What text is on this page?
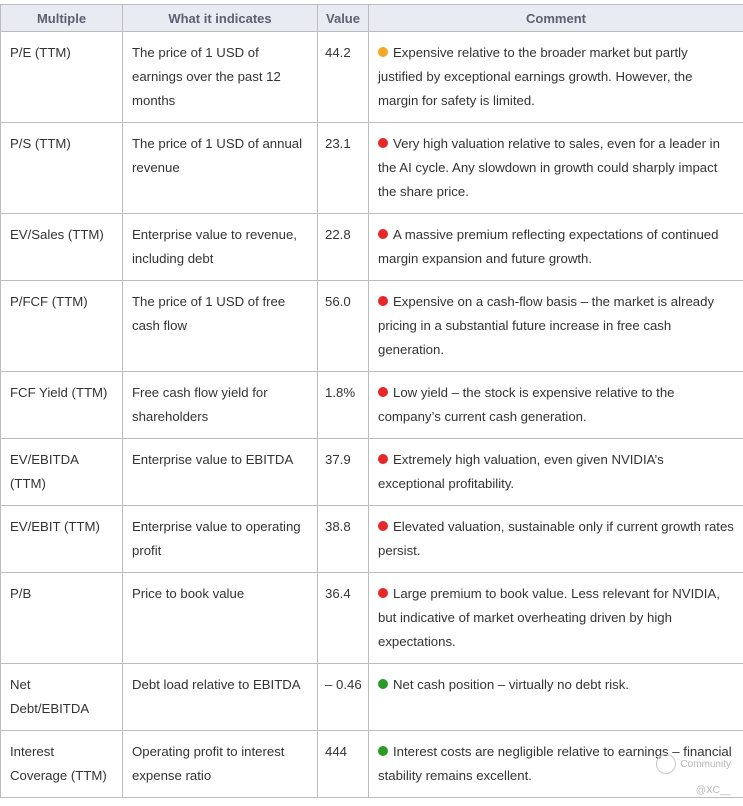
Multiple	What it indicates	Value	Comment
P/E (TTM)	The price of 1 USD of earnings over the past 12 months	44.2	Expensive relative to the broader market but partly justified by exceptional earnings growth. However, the margin for safety is limited.
P/S (TTM)	The price of 1 USD of annual revenue	23.1	Very high valuation relative to sales, even for a leader in the AI cycle. Any slowdown in growth could sharply impact the share price.
EV/Sales (TTM)	Enterprise value to revenue, including debt	22.8	A massive premium reflecting expectations of continued margin expansion and future growth.
P/FCF (TTM)	The price of 1 USD of free cash flow	56.0	Expensive on a cash-flow basis – the market is already pricing in a substantial future increase in free cash generation.
FCF Yield (TTM)	Free cash flow yield for shareholders	1.8%	Low yield – the stock is expensive relative to the company’s current cash generation.
EV/EBITDA (TTM)	Enterprise value to EBITDA	37.9	Extremely high valuation, even given NVIDIA’s exceptional profitability.
EV/EBIT (TTM)	Enterprise value to operating profit	38.8	Elevated valuation, sustainable only if current growth rates persist.
P/B	Price to book value	36.4	Large premium to book value. Less relevant for NVIDIA, but indicative of market overheating driven by high expectations.
Net Debt/EBITDA	Debt load relative to EBITDA	– 0.46	Net cash position – virtually no debt risk.
Interest Coverage (TTM)	Operating profit to interest expense ratio	444	Interest costs are negligible relative to earnings – financial stability remains excellent.
Community
@XC__
